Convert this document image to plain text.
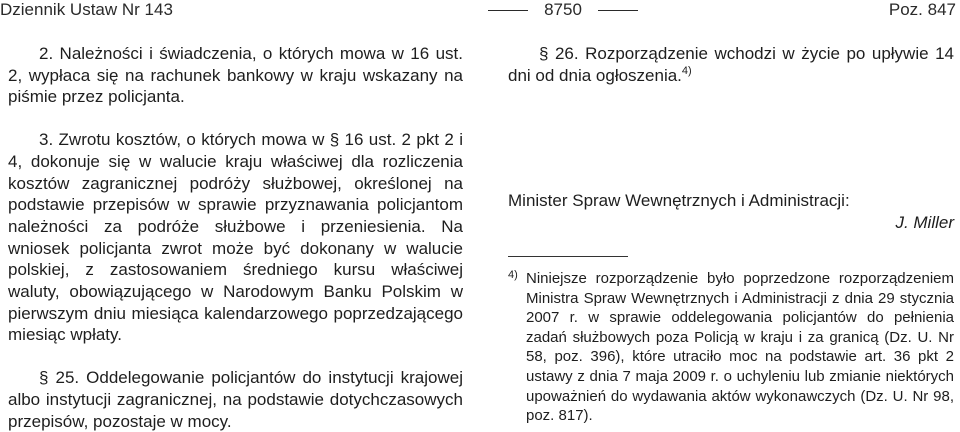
Dziennik Ustaw Nr 143	8750	Poz. 847

2. Należności i świadczenia, o których mowa w 16 ust. 2, wypłaca się na rachunek bankowy w kraju wskazany na piśmie przez policjanta.

3. Zwrotu kosztów, o których mowa w § 16 ust. 2 pkt 2 i 4, dokonuje się w walucie kraju właściwej dla rozliczenia kosztów zagranicznej podróży służbowej, określonej na podstawie przepisów w sprawie przyznawania policjantom należności za podróże służbowe i przeniesienia. Na wniosek policjanta zwrot może być dokonany w walucie polskiej, z zastosowaniem średniego kursu właściwej waluty, obowiązującego w Narodowym Banku Polskim w pierwszym dniu miesiąca kalendarzowego poprzedzającego miesiąc wpłaty.

§ 25. Oddelegowanie policjantów do instytucji krajowej albo instytucji zagranicznej, na podstawie dotychczasowych przepisów, pozostaje w mocy.

§ 26. Rozporządzenie wchodzi w życie po upływie 14 dni od dnia ogłoszenia.$^{4)}$

Minister Spraw Wewnętrznych i Administracji:
J. Miller
4) Niniejsze rozporządzenie było poprzedzone rozporządzeniem Ministra Spraw Wewnętrznych i Administracji z dnia 29 stycznia 2007 r. w sprawie oddelegowania policjantów do pełnienia zadań służbowych poza Policją w kraju i za granicą (Dz. U. Nr 58, poz. 396), które utraciło moc na podstawie art. 36 pkt 2 ustawy z dnia 7 maja 2009 r. o uchyleniu lub zmianie niektórych upoważnień do wydawania aktów wykonawczych (Dz. U. Nr 98, poz. 817).
